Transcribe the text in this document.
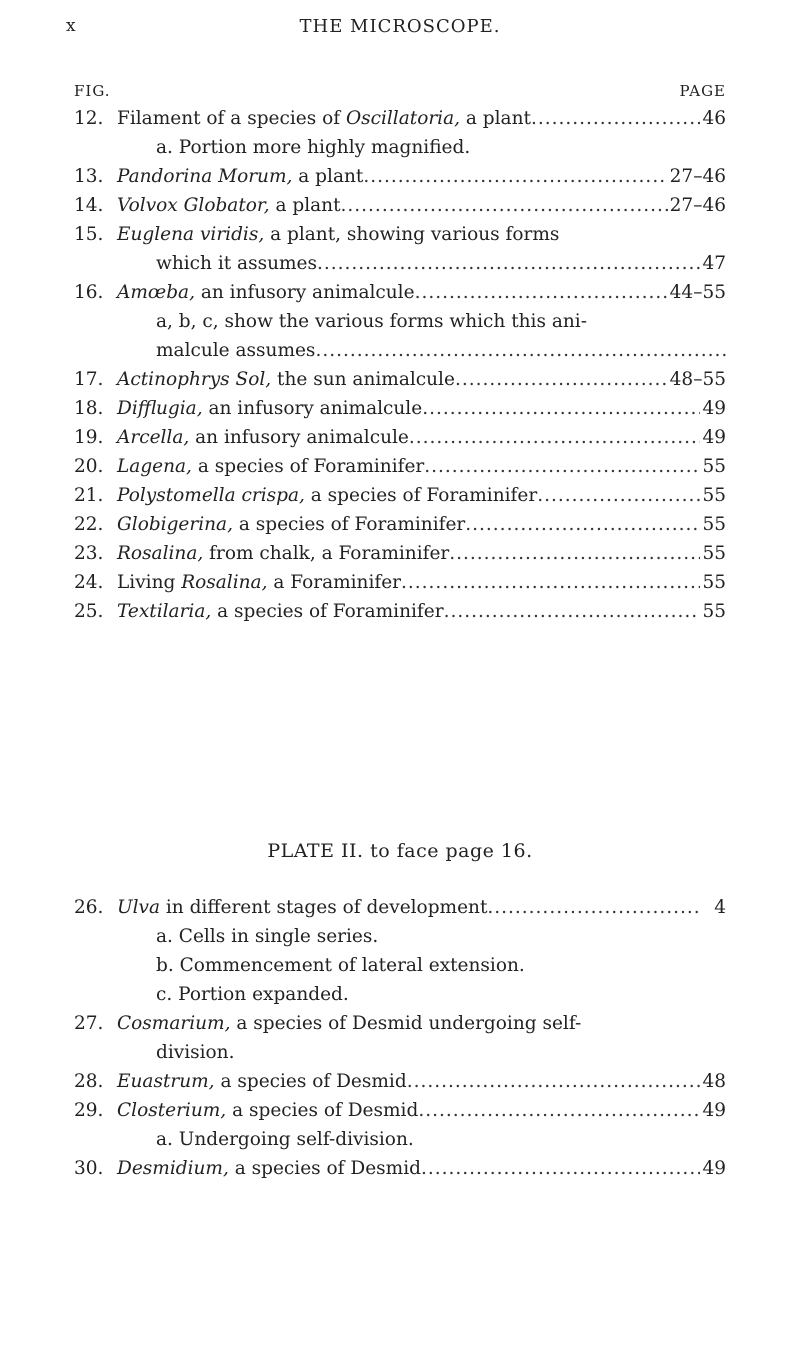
x	THE MICROSCOPE.
FIG.	PAGE
12. Filament of a species of Oscillatoria, a plant .....	46
a. Portion more highly magnified.
13. Pandorina Morum, a plant .....	27–46
14. Volvox Globator, a plant .....	27–46
15. Euglena viridis, a plant, showing various forms
which it assumes .....	47
16. Amœba, an infusory animalcule .....	44–55
a, b, c, show the various forms which this ani-
malcule assumes
.....
17. Actinophrys Sol, the sun animalcule .....	48–55
18. Difflugia, an infusory animalcule .....	49
19. Arcella, an infusory animalcule .....	49
20. Lagena, a species of Foraminifer .....	55
21. Polystomella crispa, a species of Foraminifer .....	55
22. Globigerina, a species of Foraminifer .....	55
23. Rosalina, from chalk, a Foraminifer .....	55
24. Living Rosalina, a Foraminifer .....	55
25. Textilaria, a species of Foraminifer .....	55
PLATE II. to face page 16.
26. Ulva in different stages of development .....	4
a. Cells in single series.
b. Commencement of lateral extension.
c. Portion expanded.
27. Cosmarium, a species of Desmid undergoing self-
division.
28. Euastrum, a species of Desmid .....	48
29. Closterium, a species of Desmid .....	49
a. Undergoing self-division.
30. Desmidium, a species of Desmid .....	49
